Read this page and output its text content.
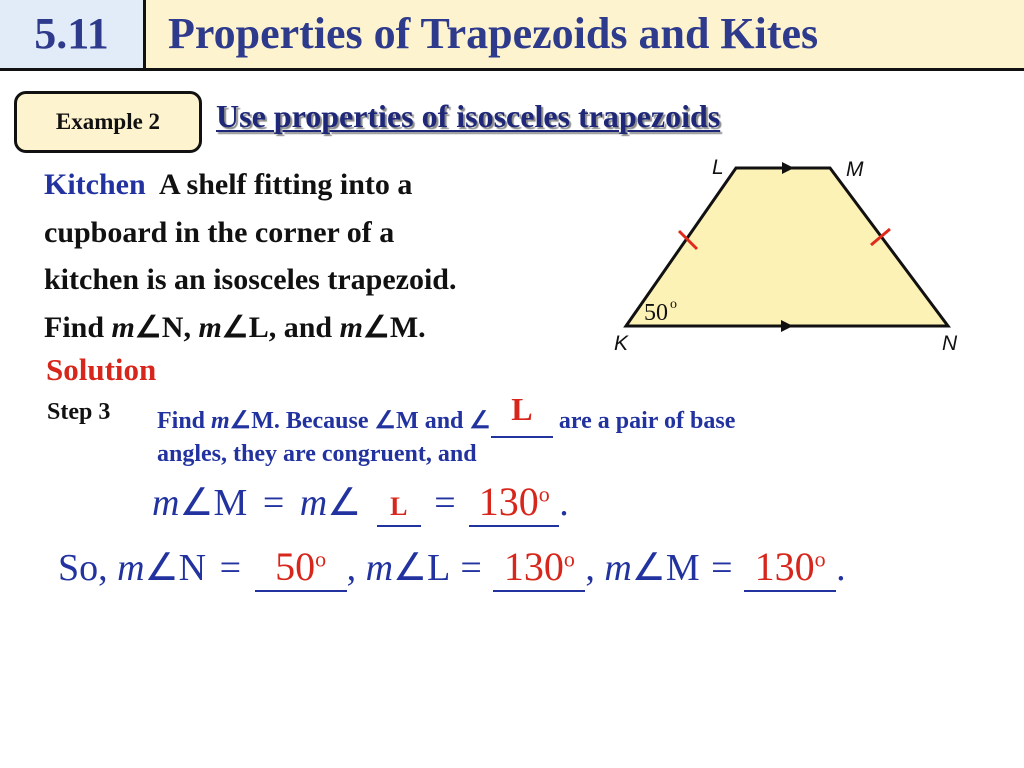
5.11	Properties of Trapezoids and Kites
Example 2	Use properties of isosceles trapezoids
Kitchen A shelf fitting into a
cupboard in the corner of a
kitchen is an isosceles trapezoid.
Find m∠N, m∠L, and m∠M.
L	M
K	N
50 o
Solution
Step 3 Find m∠M. Because ∠M and ∠ L are a pair of base
angles, they are congruent, and
m∠M = m∠ $L = 130^o$ .
So, m∠N = $50^o$ , m∠L = $130^o$ , m∠M = $130^o$ .
